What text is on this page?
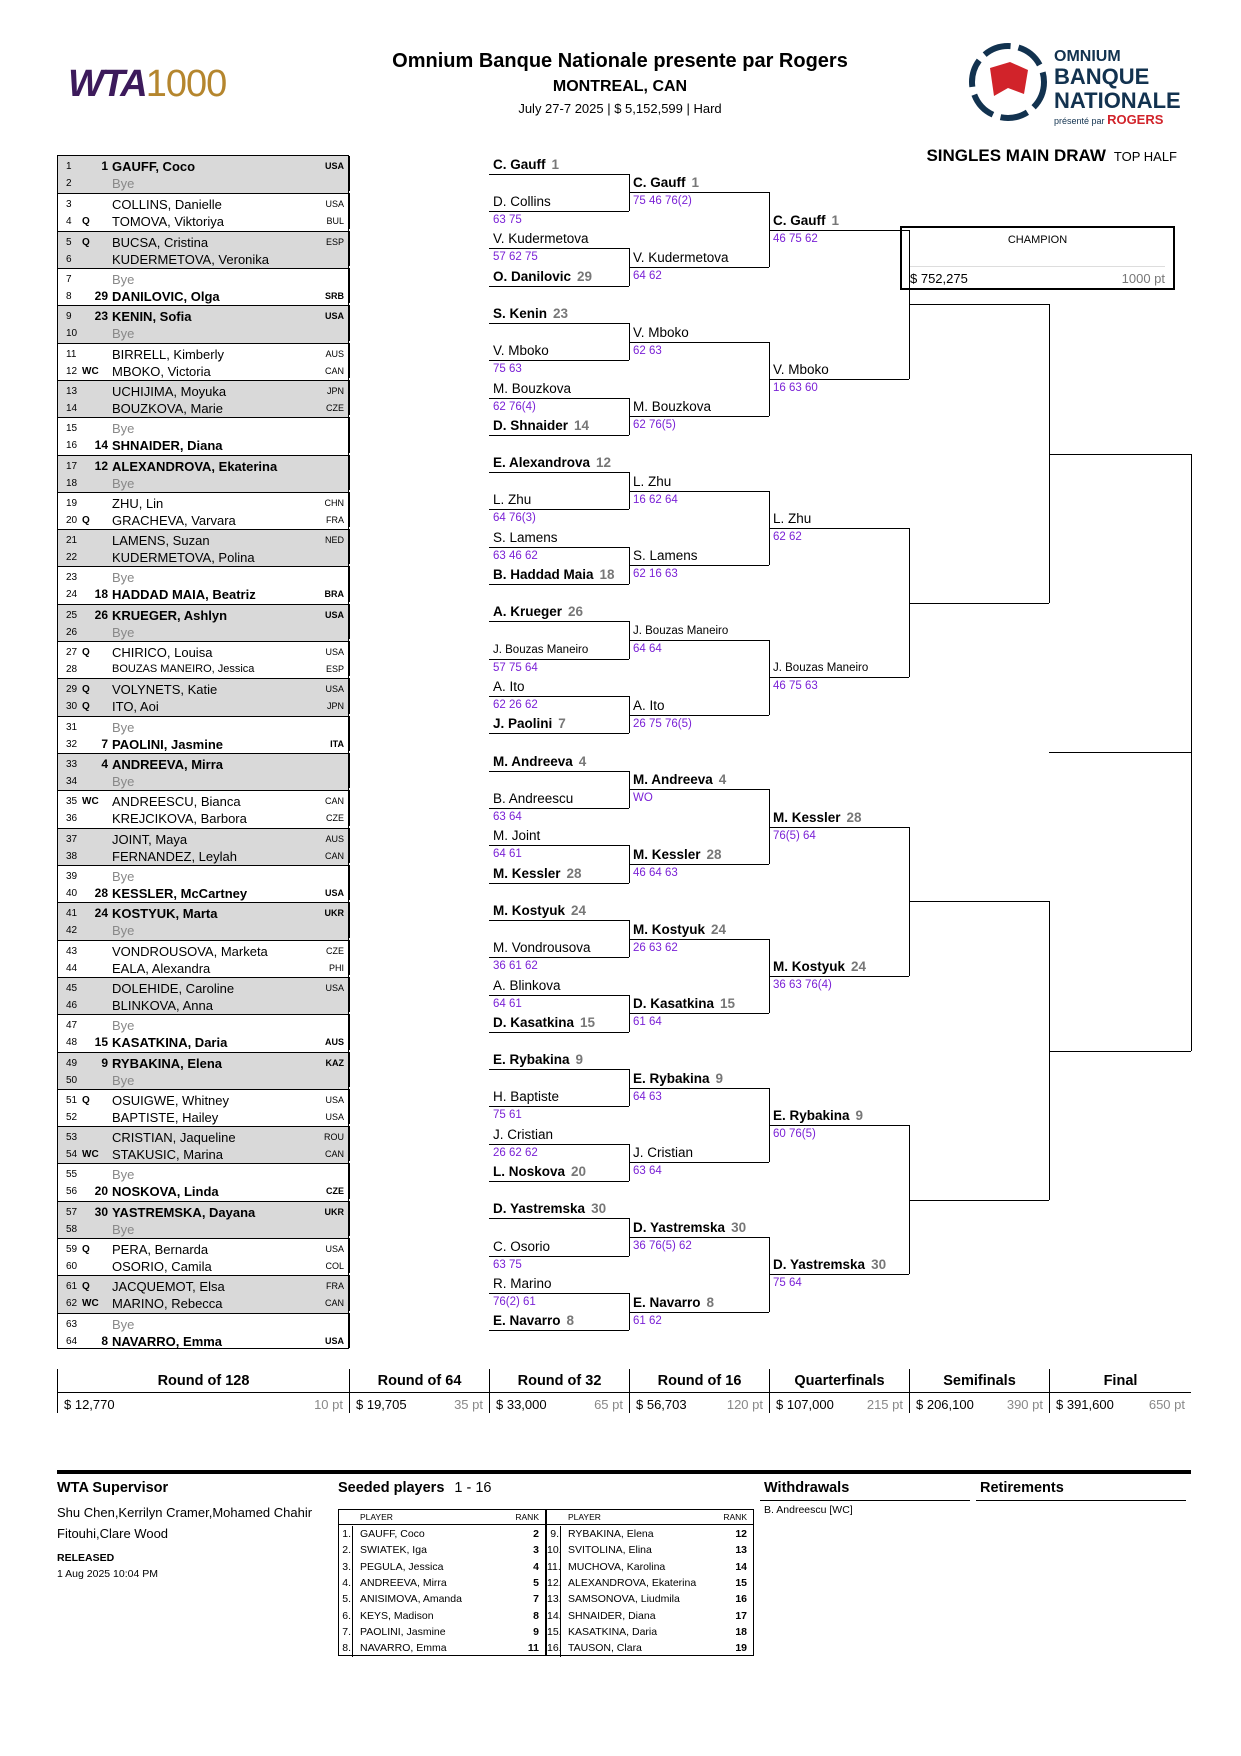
WTA1000
Omnium Banque Nationale presente par Rogers
MONTREAL, CAN
July 27-7 2025 | $ 5,152,599 | Hard
OMNIUM
BANQUE
NATIONALE
présenté par ROGERS
SINGLES MAIN DRAW TOP HALF
CHAMPION
$ 752,275	1000 pt
1	1 GAUFF, Coco	USA
2	Bye
3	COLLINS, Danielle	USA
4	Q TOMOVA, Viktoriya	BUL
5	Q BUCSA, Cristina	ESP
6	KUDERMETOVA, Veronika
7	Bye
8	29 DANILOVIC, Olga	SRB
9	23 KENIN, Sofia	USA
10	Bye
11	BIRRELL, Kimberly	AUS
12 WC MBOKO, Victoria	CAN
13	UCHIJIMA, Moyuka	JPN
14	BOUZKOVA, Marie	CZE
15	Bye
16	14 SHNAIDER, Diana
17	12 ALEXANDROVA, Ekaterina
18	Bye
19	ZHU, Lin	CHN
20 Q GRACHEVA, Varvara	FRA
21	LAMENS, Suzan	NED
22	KUDERMETOVA, Polina
23	Bye
24	18 HADDAD MAIA, Beatriz	BRA
25	26 KRUEGER, Ashlyn	USA
26	Bye
27 Q CHIRICO, Louisa	USA
28	BOUZAS MANEIRO, Jessica	ESP
29 Q VOLYNETS, Katie	USA
30 Q ITO, Aoi	JPN
31	Bye
32	7 PAOLINI, Jasmine	ITA
33	4 ANDREEVA, Mirra
34	Bye
35 WC ANDREESCU, Bianca	CAN
36	KREJCIKOVA, Barbora	CZE
37	JOINT, Maya	AUS
38	FERNANDEZ, Leylah	CAN
39	Bye
40	28 KESSLER, McCartney	USA
41	24 KOSTYUK, Marta	UKR
42	Bye
43	VONDROUSOVA, Marketa	CZE
44	EALA, Alexandra	PHI
45	DOLEHIDE, Caroline	USA
46	BLINKOVA, Anna
47	Bye
48	15 KASATKINA, Daria	AUS
49	9 RYBAKINA, Elena	KAZ
50	Bye
51 Q OSUIGWE, Whitney	USA
52	BAPTISTE, Hailey	USA
53	CRISTIAN, Jaqueline	ROU
54 WC STAKUSIC, Marina	CAN
55	Bye
56	20 NOSKOVA, Linda	CZE
57	30 YASTREMSKA, Dayana	UKR
58	Bye
59 Q PERA, Bernarda	USA
60	OSORIO, Camila	COL
61 Q JACQUEMOT, Elsa	FRA
62 WC MARINO, Rebecca	CAN
63	Bye
64	8 NAVARRO, Emma	USA
C. Gauff 1
D. Collins
63 75
V. Kudermetova
57 62 75
O. Danilovic 29
S. Kenin 23
V. Mboko
75 63
M. Bouzkova
62 76(4)
D. Shnaider 14
E. Alexandrova 12
L. Zhu
64 76(3)
S. Lamens
63 46 62
B. Haddad Maia 18
A. Krueger 26
J. Bouzas Maneiro
57 75 64
A. Ito
62 26 62
J. Paolini 7
M. Andreeva 4
B. Andreescu
63 64
M. Joint
64 61
M. Kessler 28
M. Kostyuk 24
M. Vondrousova
36 61 62
A. Blinkova
64 61
D. Kasatkina 15
E. Rybakina 9
H. Baptiste
75 61
J. Cristian
26 62 62
L. Noskova 20
D. Yastremska 30
C. Osorio
63 75
R. Marino
76(2) 61
E. Navarro 8
C. Gauff 1
75 46 76(2)
V. Kudermetova
64 62
V. Mboko
62 63
M. Bouzkova
62 76(5)
L. Zhu
16 62 64
S. Lamens
62 16 63
J. Bouzas Maneiro
64 64
A. Ito
26 75 76(5)
M. Andreeva 4
WO
M. Kessler 28
46 64 63
M. Kostyuk 24
26 63 62
D. Kasatkina 15
61 64
E. Rybakina 9
64 63
J. Cristian
63 64
D. Yastremska 30
36 76(5) 62
E. Navarro 8
61 62
C. Gauff 1
46 75 62
V. Mboko
16 63 60
L. Zhu
62 62
J. Bouzas Maneiro
46 75 63
M. Kessler 28
76(5) 64
M. Kostyuk 24
36 63 76(4)
E. Rybakina 9
60 76(5)
D. Yastremska 30
75 64
Round of 128
$ 12,770	10 pt
Round of 64
$ 19,705	35 pt
Round of 32
$ 33,000	65 pt
Round of 16
$ 56,703	120 pt
Quarterfinals
$ 107,000	215 pt
Semifinals
$ 206,100	390 pt
Final
$ 391,600	650 pt
WTA Supervisor
Shu Chen,Kerrilyn Cramer,Mohamed Chahir Fitouhi,Clare Wood
RELEASED
1 Aug 2025 10:04 PM
Seeded players 1 - 16
PLAYER	RANK
1. GAUFF, Coco	2
2. SWIATEK, Iga	3
3. PEGULA, Jessica	4
4. ANDREEVA, Mirra	5
5. ANISIMOVA, Amanda	7
6. KEYS, Madison	8
7. PAOLINI, Jasmine	9
8. NAVARRO, Emma	11
PLAYER	RANK
9. RYBAKINA, Elena	12
10. SVITOLINA, Elina	13
11. MUCHOVA, Karolina	14
12. ALEXANDROVA, Ekaterina	15
13. SAMSONOVA, Liudmila	16
14. SHNAIDER, Diana	17
15. KASATKINA, Daria	18
16. TAUSON, Clara	19
Withdrawals
B. Andreescu [WC]
Retirements
